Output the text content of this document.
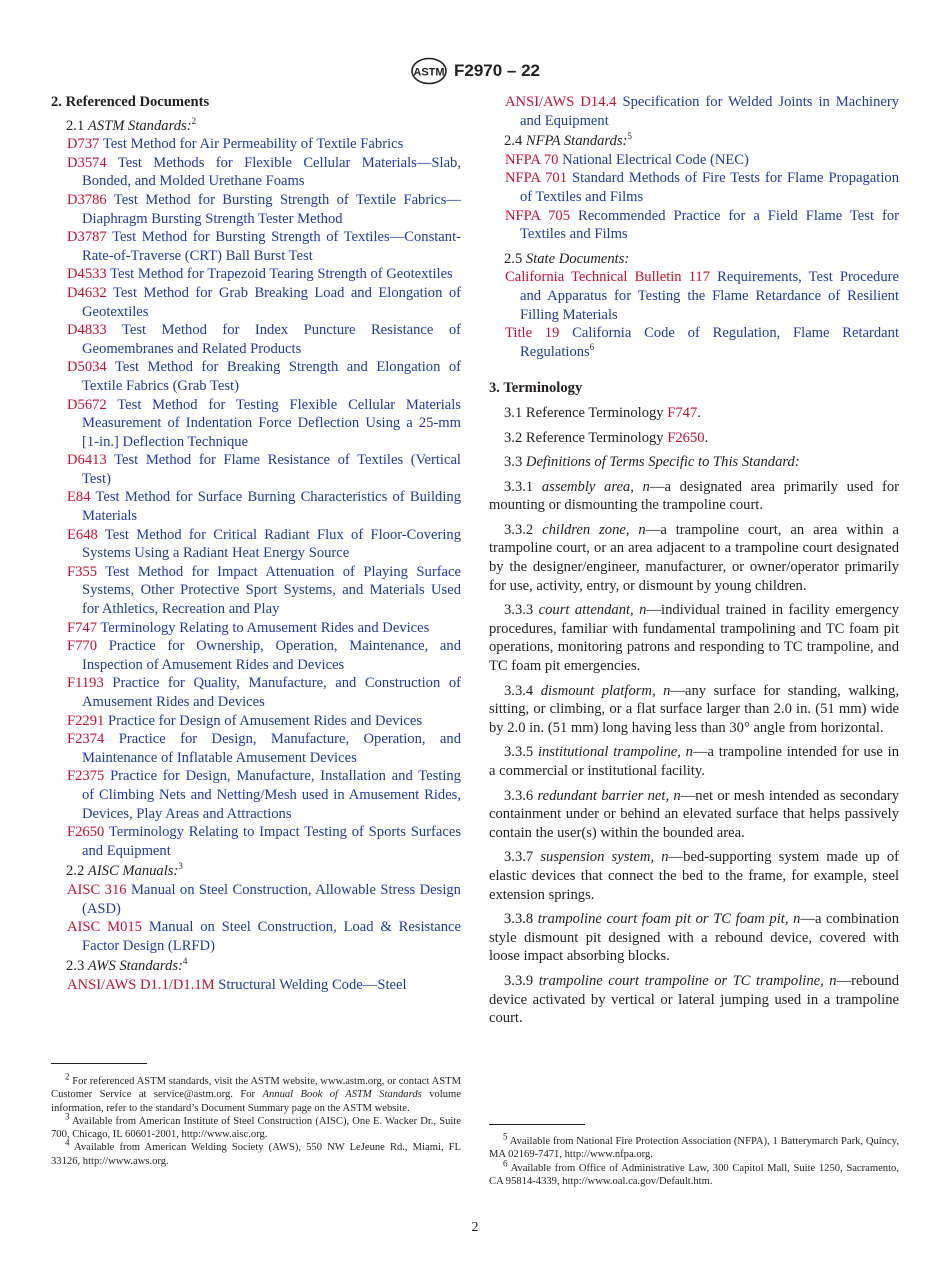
ASTM F2970 – 22
2. Referenced Documents

2.1 ASTM Standards:$^2$

D737 Test Method for Air Permeability of Textile Fabrics

D3574 Test Methods for Flexible Cellular Materials—Slab, Bonded, and Molded Urethane Foams

D3786 Test Method for Bursting Strength of Textile Fabrics—Diaphragm Bursting Strength Tester Method

D3787 Test Method for Bursting Strength of Textiles—Constant-Rate-of-Traverse (CRT) Ball Burst Test

D4533 Test Method for Trapezoid Tearing Strength of Geotextiles

D4632 Test Method for Grab Breaking Load and Elongation of Geotextiles

D4833 Test Method for Index Puncture Resistance of Geomembranes and Related Products

D5034 Test Method for Breaking Strength and Elongation of Textile Fabrics (Grab Test)

D5672 Test Method for Testing Flexible Cellular Materials Measurement of Indentation Force Deflection Using a 25-mm [1-in.] Deflection Technique

D6413 Test Method for Flame Resistance of Textiles (Vertical Test)

E84 Test Method for Surface Burning Characteristics of Building Materials

E648 Test Method for Critical Radiant Flux of Floor-Covering Systems Using a Radiant Heat Energy Source

F355 Test Method for Impact Attenuation of Playing Surface Systems, Other Protective Sport Systems, and Materials Used for Athletics, Recreation and Play

F747 Terminology Relating to Amusement Rides and Devices

F770 Practice for Ownership, Operation, Maintenance, and Inspection of Amusement Rides and Devices

F1193 Practice for Quality, Manufacture, and Construction of Amusement Rides and Devices

F2291 Practice for Design of Amusement Rides and Devices

F2374 Practice for Design, Manufacture, Operation, and Maintenance of Inflatable Amusement Devices

F2375 Practice for Design, Manufacture, Installation and Testing of Climbing Nets and Netting/Mesh used in Amusement Rides, Devices, Play Areas and Attractions

F2650 Terminology Relating to Impact Testing of Sports Surfaces and Equipment

2.2 AISC Manuals:$^3$

AISC 316 Manual on Steel Construction, Allowable Stress Design (ASD)

AISC M015 Manual on Steel Construction, Load & Resistance Factor Design (LRFD)

2.3 AWS Standards:$^4$

ANSI/AWS D1.1/D1.1M Structural Welding Code—Steel

ANSI/AWS D14.4 Specification for Welded Joints in Machinery and Equipment

2.4 NFPA Standards:$^5$

NFPA 70 National Electrical Code (NEC)

NFPA 701 Standard Methods of Fire Tests for Flame Propagation of Textiles and Films

NFPA 705 Recommended Practice for a Field Flame Test for Textiles and Films

2.5 State Documents:

California Technical Bulletin 117 Requirements, Test Procedure and Apparatus for Testing the Flame Retardance of Resilient Filling Materials

Title 19 California Code of Regulation, Flame Retardant Regulations$^6$

3. Terminology

3.1 Reference Terminology F747.

3.2 Reference Terminology F2650.

3.3 Definitions of Terms Specific to This Standard:

3.3.1 assembly area, n—a designated area primarily used for mounting or dismounting the trampoline court.

3.3.2 children zone, n—a trampoline court, an area within a trampoline court, or an area adjacent to a trampoline court designated by the designer/engineer, manufacturer, or owner/operator primarily for use, activity, entry, or dismount by young children.

3.3.3 court attendant, n—individual trained in facility emergency procedures, familiar with fundamental trampolining and TC foam pit operations, monitoring patrons and responding to TC trampoline, and TC foam pit emergencies.

3.3.4 dismount platform, n—any surface for standing, walking, sitting, or climbing, or a flat surface larger than 2.0 in. (51 mm) wide by 2.0 in. (51 mm) long having less than 30° angle from horizontal.

3.3.5 institutional trampoline, n—a trampoline intended for use in a commercial or institutional facility.

3.3.6 redundant barrier net, n—net or mesh intended as secondary containment under or behind an elevated surface that helps passively contain the user(s) within the bounded area.

3.3.7 suspension system, n—bed-supporting system made up of elastic devices that connect the bed to the frame, for example, steel extension springs.

3.3.8 trampoline court foam pit or TC foam pit, n—a combination style dismount pit designed with a rebound device, covered with loose impact absorbing blocks.

3.3.9 trampoline court trampoline or TC trampoline, n—rebound device activated by vertical or lateral jumping used in a trampoline court.

$^2$ For referenced ASTM standards, visit the ASTM website, www.astm.org, or contact ASTM Customer Service at service@astm.org. For Annual Book of ASTM Standards volume information, refer to the standard’s Document Summary page on the ASTM website.

$^3$ Available from American Institute of Steel Construction (AISC), One E. Wacker Dr., Suite 700, Chicago, IL 60601-2001, http://www.aisc.org.

$^4$ Available from American Welding Society (AWS), 550 NW LeJeune Rd., Miami, FL 33126, http://www.aws.org.

$^5$ Available from National Fire Protection Association (NFPA), 1 Batterymarch Park, Quincy, MA 02169-7471, http://www.nfpa.org.

$^6$ Available from Office of Administrative Law, 300 Capitol Mall, Suite 1250, Sacramento, CA 95814-4339, http://www.oal.ca.gov/Default.htm.

2
